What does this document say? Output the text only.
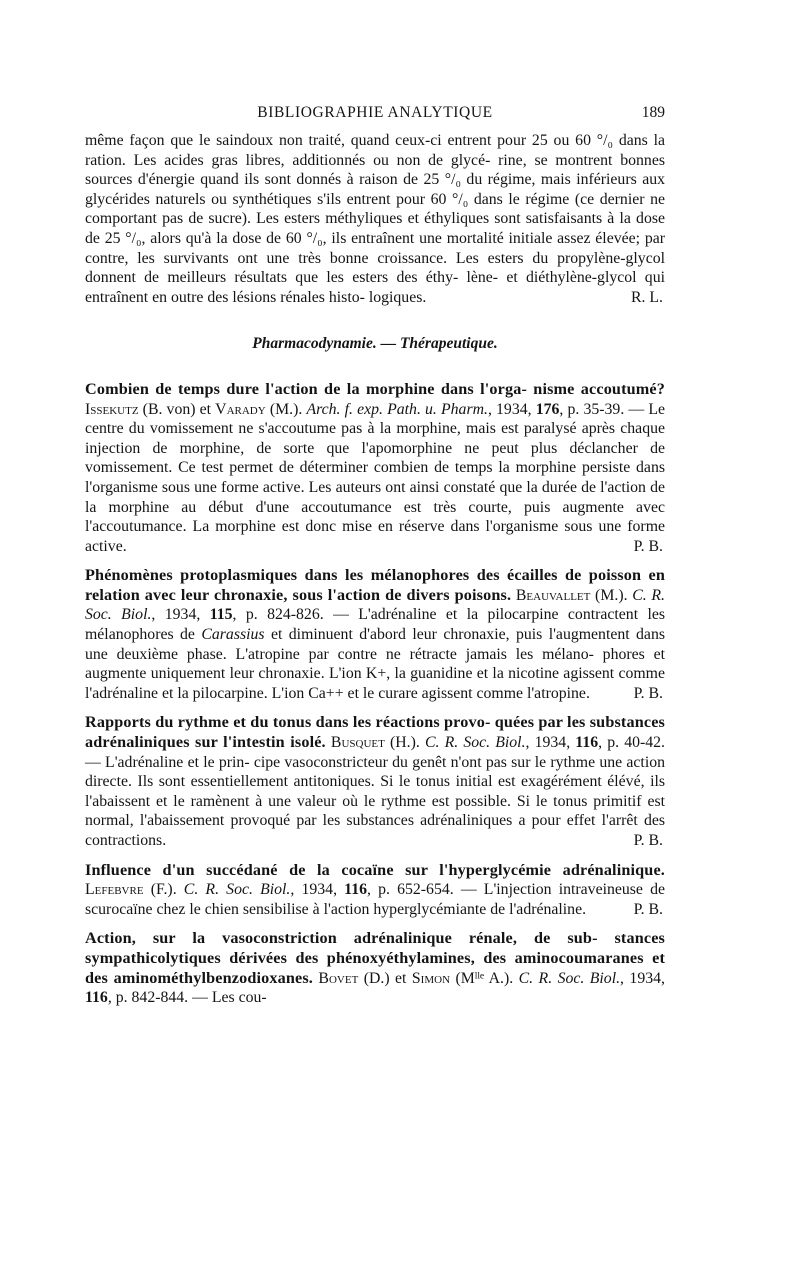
BIBLIOGRAPHIE ANALYTIQUE	189

même façon que le saindoux non traité, quand ceux-ci entrent pour 25 ou 60 °/₀ dans la ration. Les acides gras libres, additionnés ou non de glycé- rine, se montrent bonnes sources d'énergie quand ils sont donnés à raison de 25 °/₀ du régime, mais inférieurs aux glycérides naturels ou synthétiques s'ils entrent pour 60 °/₀ dans le régime (ce dernier ne comportant pas de sucre). Les esters méthyliques et éthyliques sont satisfaisants à la dose de 25 °/₀, alors qu'à la dose de 60 °/₀, ils entraînent une mortalité initiale assez élevée; par contre, les survivants ont une très bonne croissance. Les esters du propylène-glycol donnent de meilleurs résultats que les esters des éthy- lène- et diéthylène-glycol qui entraînent en outre des lésions rénales histo- logiques.	R. L.

Pharmacodynamie. — Thérapeutique.

Combien de temps dure l'action de la morphine dans l'orga- nisme accoutumé? Issekutz (B. von) et Varady (M.). Arch. f. exp. Path. u. Pharm., 1934, 176, p. 35-39. — Le centre du vomissement ne s'accoutume pas à la morphine, mais est paralysé après chaque injection de morphine, de sorte que l'apomorphine ne peut plus déclancher de vomissement. Ce test permet de déterminer combien de temps la morphine persiste dans l'organisme sous une forme active. Les auteurs ont ainsi constaté que la durée de l'action de la morphine au début d'une accoutumance est très courte, puis augmente avec l'accoutumance. La morphine est donc mise en réserve dans l'organisme sous une forme active.	P. B.

Phénomènes protoplasmiques dans les mélanophores des écailles de poisson en relation avec leur chronaxie, sous l'action de divers poisons. Beauvallet (M.). C. R. Soc. Biol., 1934, 115, p. 824-826. — L'adrénaline et la pilocarpine contractent les mélanophores de Carassius et diminuent d'abord leur chronaxie, puis l'augmentent dans une deuxième phase. L'atropine par contre ne rétracte jamais les mélano- phores et augmente uniquement leur chronaxie. L'ion K+, la guanidine et la nicotine agissent comme l'adrénaline et la pilocarpine. L'ion Ca++ et le curare agissent comme l'atropine.	P. B.

Rapports du rythme et du tonus dans les réactions provo- quées par les substances adrénaliniques sur l'intestin isolé. Busquet (H.). C. R. Soc. Biol., 1934, 116, p. 40-42. — L'adrénaline et le prin- cipe vasoconstricteur du genêt n'ont pas sur le rythme une action directe. Ils sont essentiellement antitoniques. Si le tonus initial est exagérément élévé, ils l'abaissent et le ramènent à une valeur où le rythme est possible. Si le tonus primitif est normal, l'abaissement provoqué par les substances adrénaliniques a pour effet l'arrêt des contractions.	P. B.

Influence d'un succédané de la cocaïne sur l'hyperglycémie adrénalinique. Lefebvre (F.). C. R. Soc. Biol., 1934, 116, p. 652-654. — L'injection intraveineuse de scurocaïne chez le chien sensibilise à l'action hyperglycémiante de l'adrénaline.	P. B.

Action, sur la vasoconstriction adrénalinique rénale, de sub- stances sympathicolytiques dérivées des phénoxyéthylamines, des aminocoumaranes et des aminométhylbenzodioxanes. Bovet (D.) et Simon (Mˡˡᵉ A.). C. R. Soc. Biol., 1934, 116, p. 842-844. — Les cou-
